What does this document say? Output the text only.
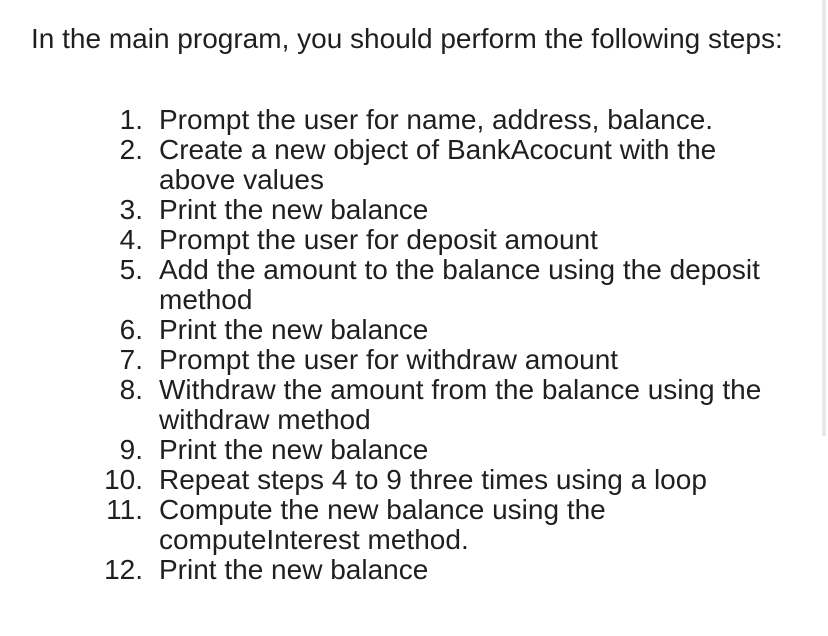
In the main program, you should perform the following steps:

1. Prompt the user for name, address, balance.
2. Create a new object of BankAcocunt with the above values
3. Print the new balance
4. Prompt the user for deposit amount
5. Add the amount to the balance using the deposit method
6. Print the new balance
7. Prompt the user for withdraw amount
8. Withdraw the amount from the balance using the withdraw method
9. Print the new balance
10. Repeat steps 4 to 9 three times using a loop
11. Compute the new balance using the computeInterest method.
12. Print the new balance
